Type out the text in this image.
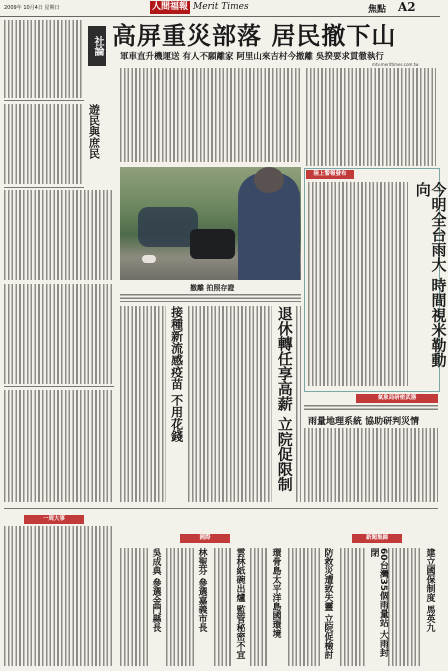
2009年 10月4日 星期日	人間福報 Merit Times	焦點 A2
高屏重災部落 居民撤下山
軍車直升機運送 有人不願離家 阿里山來吉村今撤離 吳揆要求貫徹執行
mtv.merittimes.com.tw
社論
遊民與庶民
撤離 拍照存證
陸上警報發布
今明全台雨大 時間視米勒動向
退休轉任享高薪 立院促限制
接種新流感疫苗 不用花錢	氣象局研密武器
雨量地理系統 協助研判災情
一周大事
國際	新聞集錦
吳成典 參選金門縣長	林聖芬 參選嘉義市長	雲林紙碗出爐 監管秘密不宜	環骨島太平洋島國環境	防救災遭致失靈 立院促檢討	60台灣35個雨量站 大雨封閉	建立國保制度 馬英九
